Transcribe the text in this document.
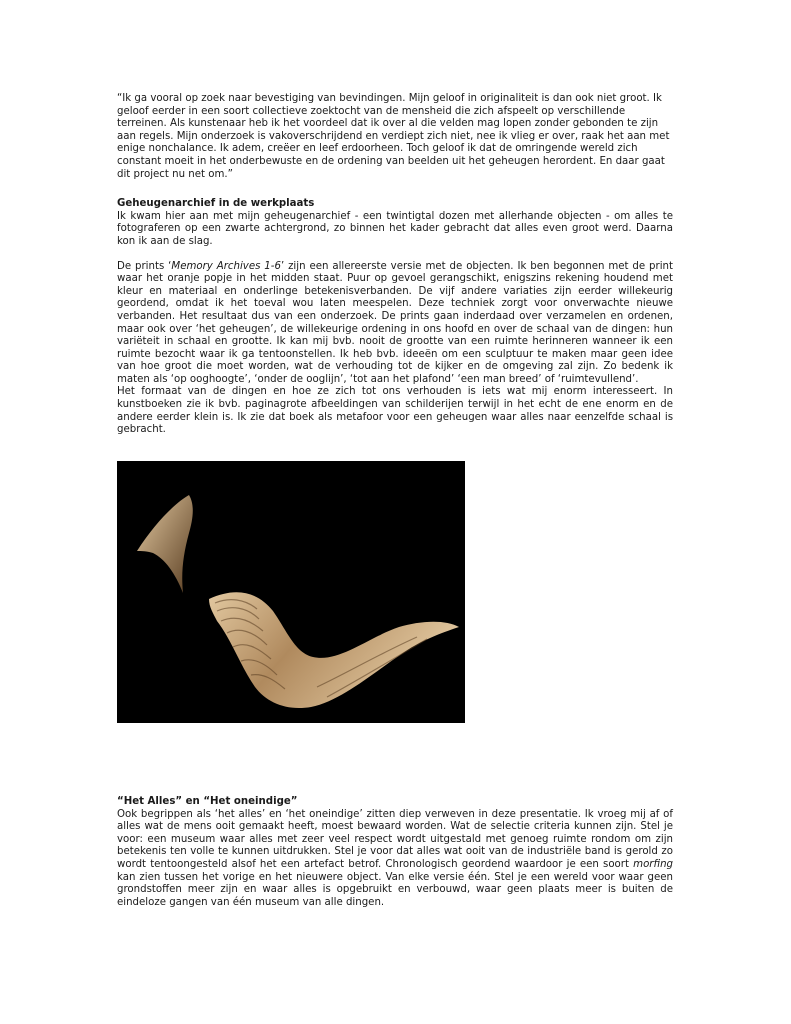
“Ik ga vooral op zoek naar bevestiging van bevindingen. Mijn geloof in originaliteit is dan ook niet groot. Ik geloof eerder in een soort collectieve zoektocht van de mensheid die zich afspeelt op verschillende terreinen. Als kunstenaar heb ik het voordeel dat ik over al die velden mag lopen zonder gebonden te zijn aan regels. Mijn onderzoek is vakoverschrijdend en verdiept zich niet, nee ik vlieg er over, raak het aan met enige nonchalance. Ik adem, creëer en leef erdoorheen. Toch geloof ik dat de omringende wereld zich constant moeit in het onderbewuste en de ordening van beelden uit het geheugen herordent. En daar gaat dit project nu net om.”

Geheugenarchief in de werkplaats

Ik kwam hier aan met mijn geheugenarchief - een twintigtal dozen met allerhande objecten - om alles te fotograferen op een zwarte achtergrond, zo binnen het kader gebracht dat alles even groot werd. Daarna kon ik aan de slag.

De prints ‘Memory Archives 1-6’ zijn een allereerste versie met de objecten. Ik ben begonnen met de print waar het oranje popje in het midden staat. Puur op gevoel gerangschikt, enigszins rekening houdend met kleur en materiaal en onderlinge betekenisverbanden. De vijf andere variaties zijn eerder willekeurig geordend, omdat ik het toeval wou laten meespelen. Deze techniek zorgt voor onverwachte nieuwe verbanden. Het resultaat dus van een onderzoek. De prints gaan inderdaad over verzamelen en ordenen, maar ook over ‘het geheugen’, de willekeurige ordening in ons hoofd en over de schaal van de dingen: hun variëteit in schaal en grootte. Ik kan mij bvb. nooit de grootte van een ruimte herinneren wanneer ik een ruimte bezocht waar ik ga tentoonstellen. Ik heb bvb. ideeën om een sculptuur te maken maar geen idee van hoe groot die moet worden, wat de verhouding tot de kijker en de omgeving zal zijn. Zo bedenk ik maten als ‘op ooghoogte’, ‘onder de ooglijn’, ‘tot aan het plafond’ ‘een man breed’ of ‘ruimtevullend’.

Het formaat van de dingen en hoe ze zich tot ons verhouden is iets wat mij enorm interesseert. In kunstboeken zie ik bvb. paginagrote afbeeldingen van schilderijen terwijl in het echt de ene enorm en de andere eerder klein is. Ik zie dat boek als metafoor voor een geheugen waar alles naar eenzelfde schaal is gebracht.

“Het Alles” en “Het oneindige”

Ook begrippen als ‘het alles’ en ‘het oneindige’ zitten diep verweven in deze presentatie. Ik vroeg mij af of alles wat de mens ooit gemaakt heeft, moest bewaard worden. Wat de selectie criteria kunnen zijn. Stel je voor: een museum waar alles met zeer veel respect wordt uitgestald met genoeg ruimte rondom om zijn betekenis ten volle te kunnen uitdrukken. Stel je voor dat alles wat ooit van de industriële band is gerold zo wordt tentoongesteld alsof het een artefact betrof. Chronologisch geordend waardoor je een soort morfing kan zien tussen het vorige en het nieuwere object. Van elke versie één. Stel je een wereld voor waar geen grondstoffen meer zijn en waar alles is opgebruikt en verbouwd, waar geen plaats meer is buiten de eindeloze gangen van één museum van alle dingen.
